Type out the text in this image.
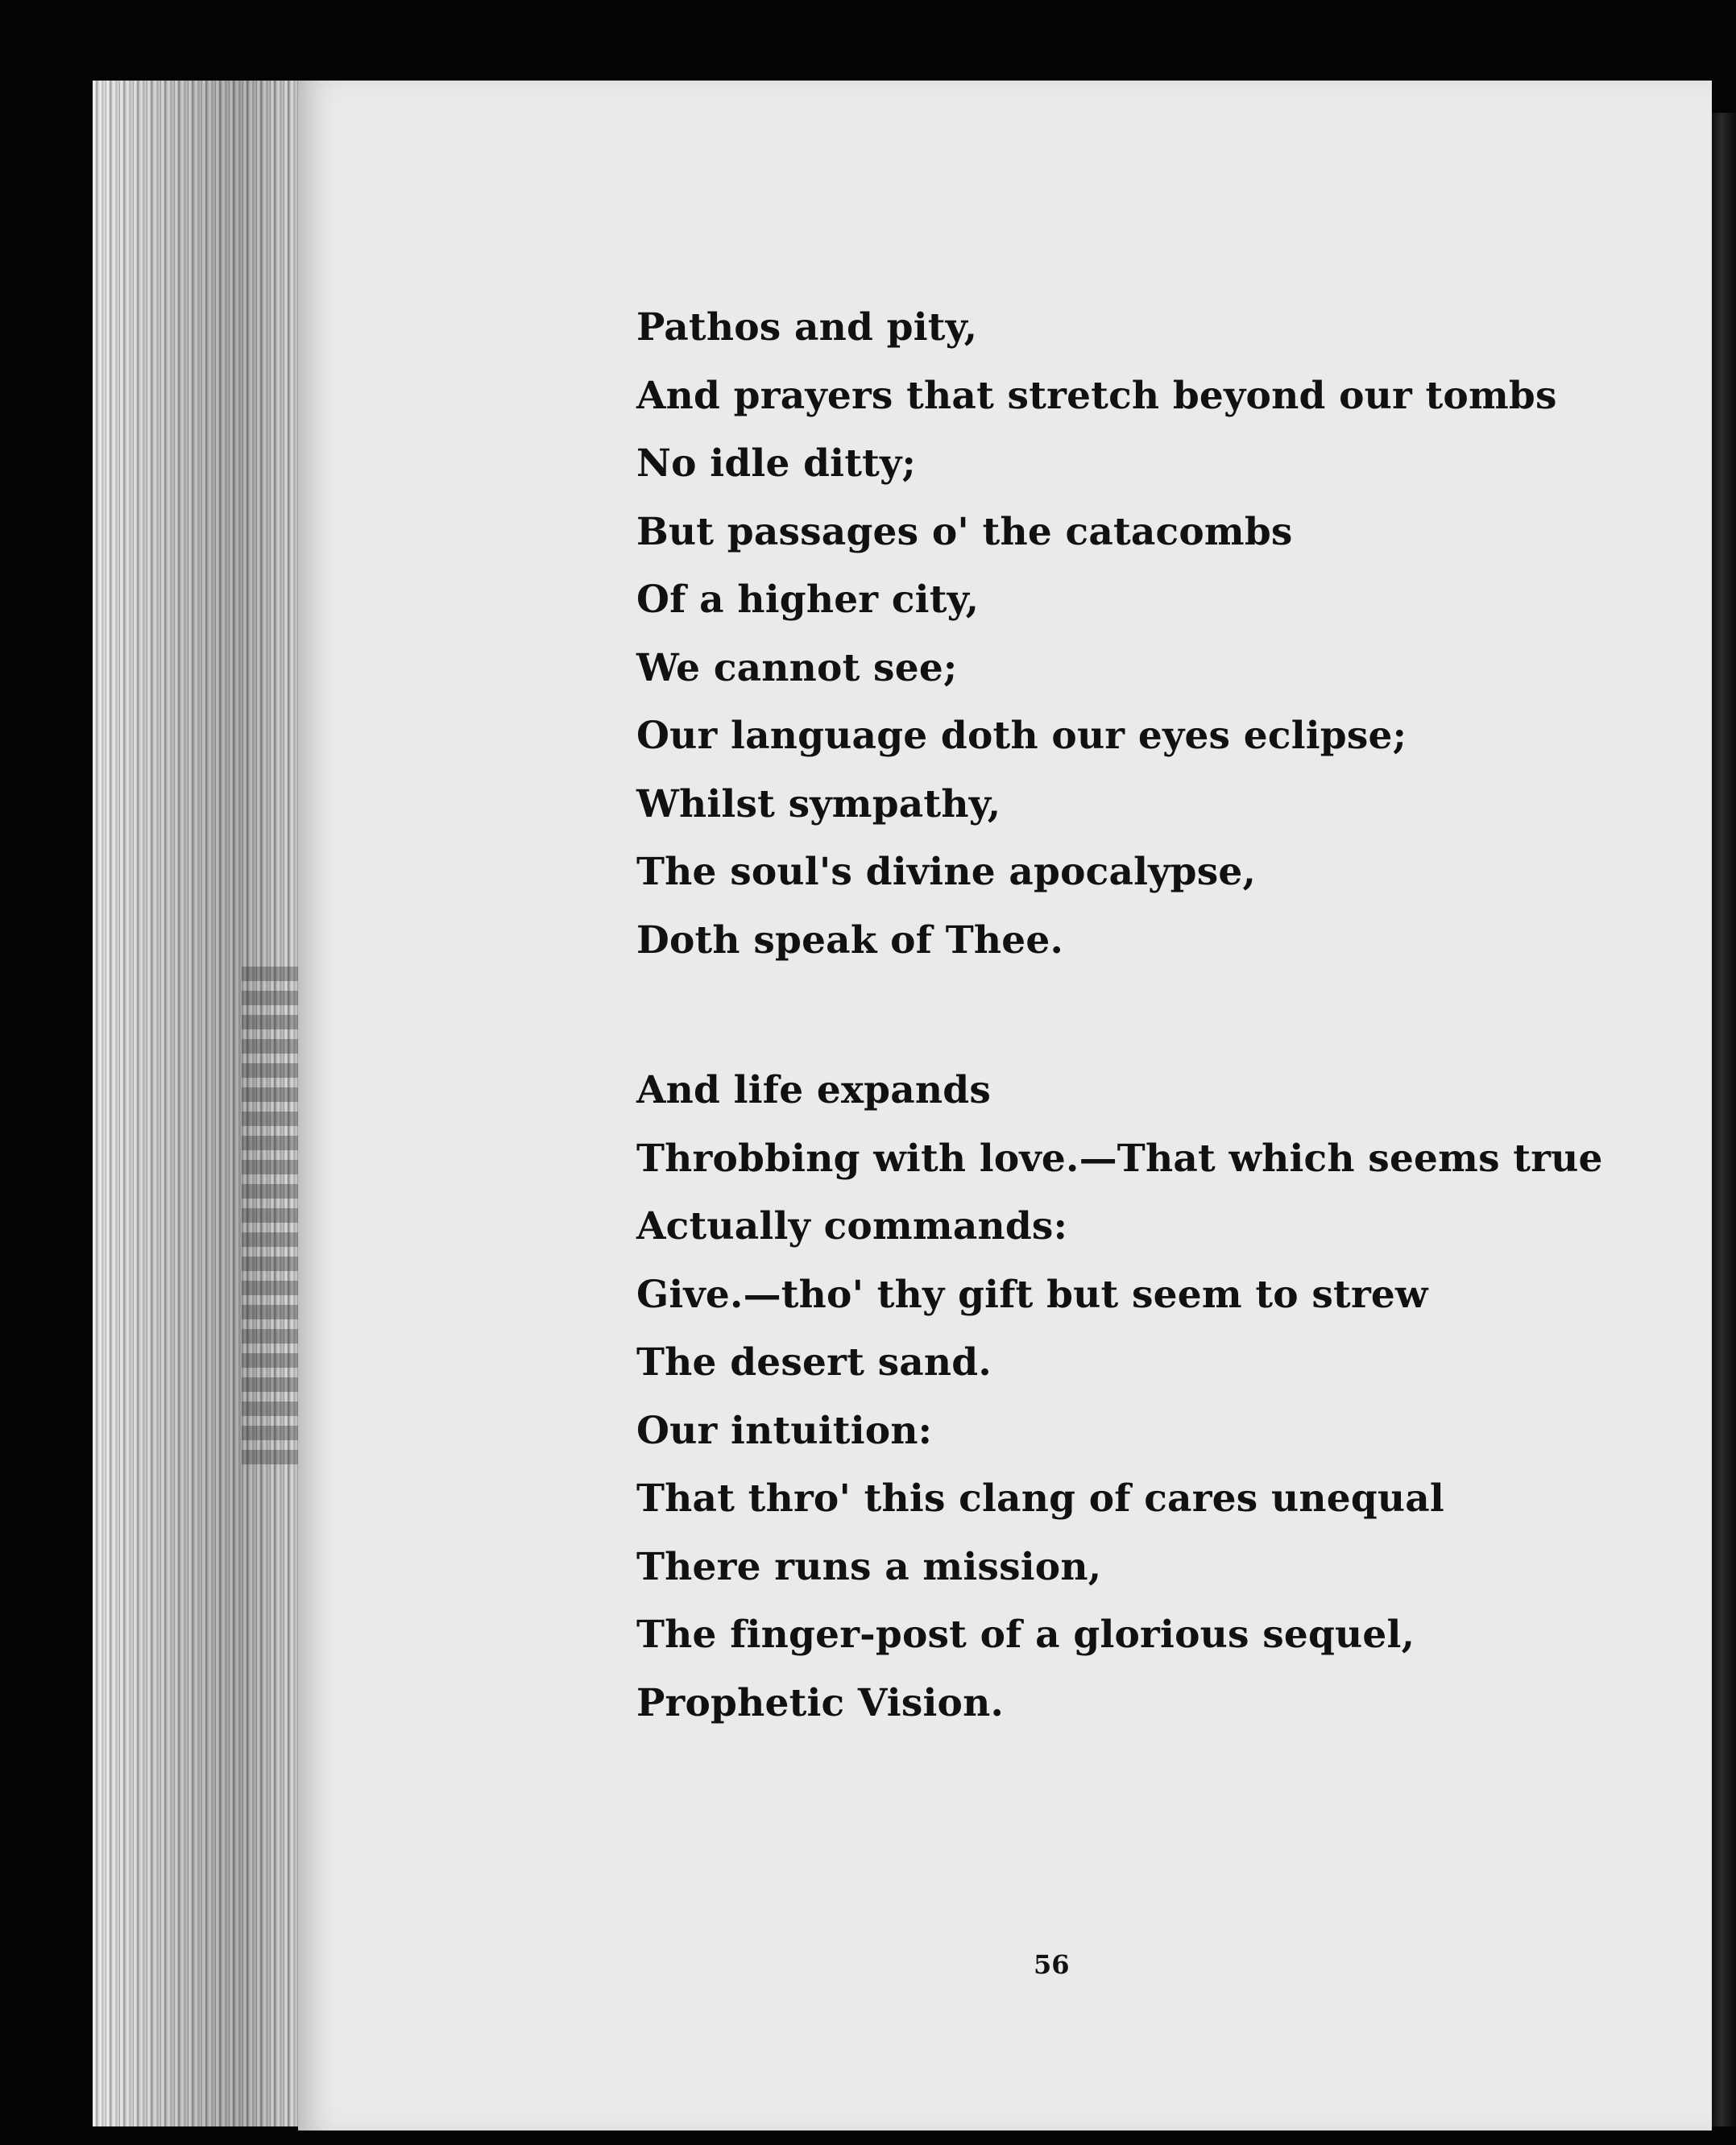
Pathos and pity,
And prayers that stretch beyond our tombs
No idle ditty;
But passages o' the catacombs
Of a higher city,
We cannot see;
Our language doth our eyes eclipse;
Whilst sympathy,
The soul's divine apocalypse,
Doth speak of Thee.
And life expands
Throbbing with love.—That which seems true
Actually commands:
Give.—tho' thy gift but seem to strew
The desert sand.
Our intuition:
That thro' this clang of cares unequal
There runs a mission,
The finger-post of a glorious sequel,
Prophetic Vision.
56
